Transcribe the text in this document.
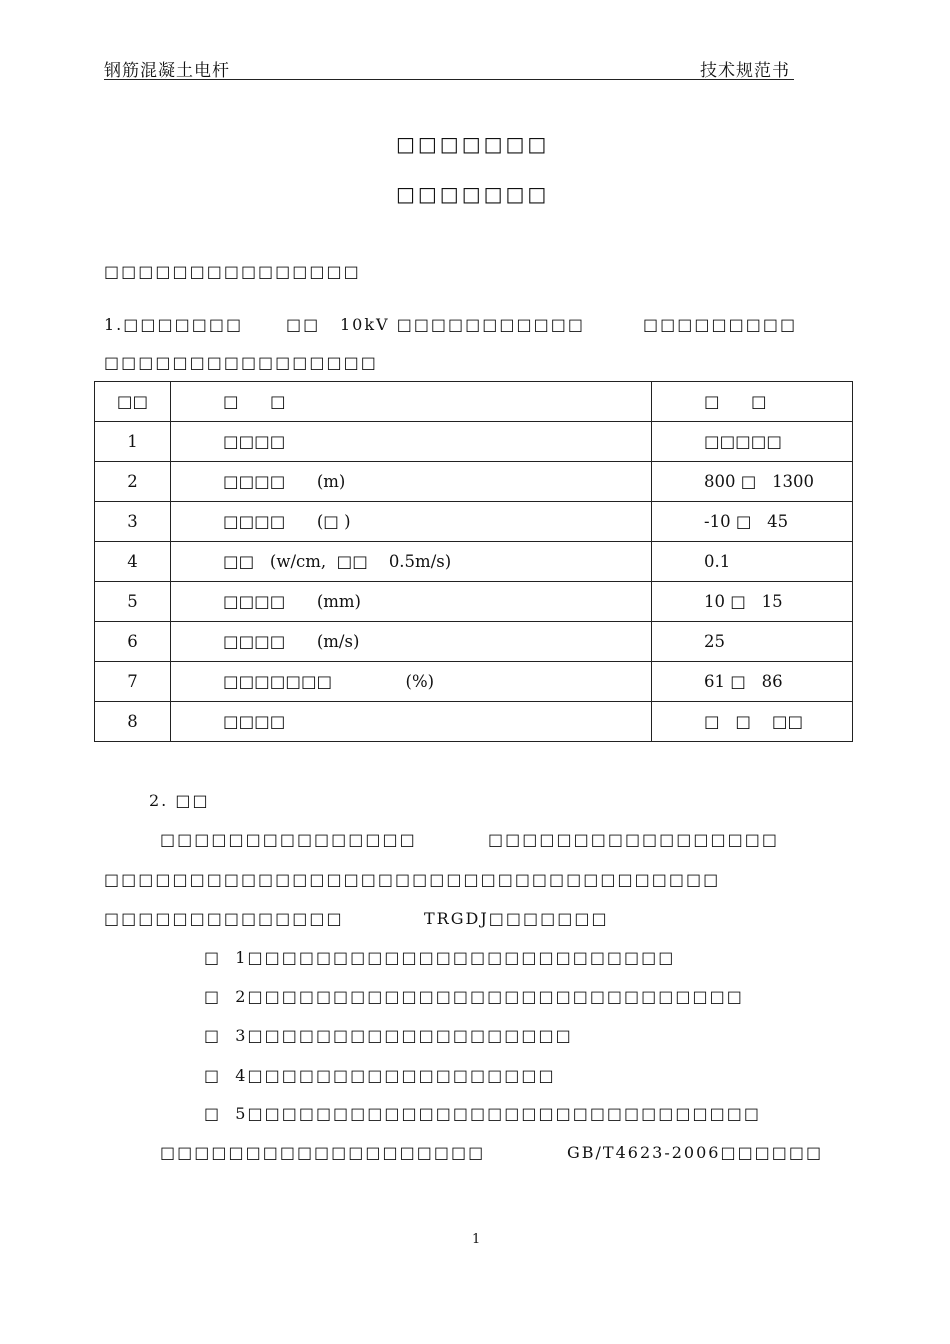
钢筋混凝土电杆	技术规范书
□□□□□□□
□□□□□□□
□□□□□□□□□□□□□□□
1.□□□□□□□	□□ 10kV □□□□□□□□□□□	□□□□□□□□□
□□□□□□□□□□□□□□□□
□□	□      □	□      □
1	□□□□	□□□□□
2	□□□□      (m)	800 □   1300
3	□□□□      (□ )	-10 □   45
4	□□   (w/cm,  □□    0.5m/s)	0.1
5	□□□□      (mm)	10 □   15
6	□□□□      (m/s)	25
7	□□□□□□□              (%)	61 □   86
8	□□□□	□   □    □□
2. □□
□□□□□□□□□□□□□□□	□□□□□□□□□□□□□□□□□
□□□□□□□□□□□□□□□□□□□□□□□□□□□□□□□□□□□□
□□□□□□□□□□□□□□	TRGDJ□□□□□□□
□  1□□□□□□□□□□□□□□□□□□□□□□□□□
□  2□□□□□□□□□□□□□□□□□□□□□□□□□□□□□
□  3□□□□□□□□□□□□□□□□□□□
□  4□□□□□□□□□□□□□□□□□□
□  5□□□□□□□□□□□□□□□□□□□□□□□□□□□□□□
□□□□□□□□□□□□□□□□□□□	GB/T4623-2006□□□□□□
1
